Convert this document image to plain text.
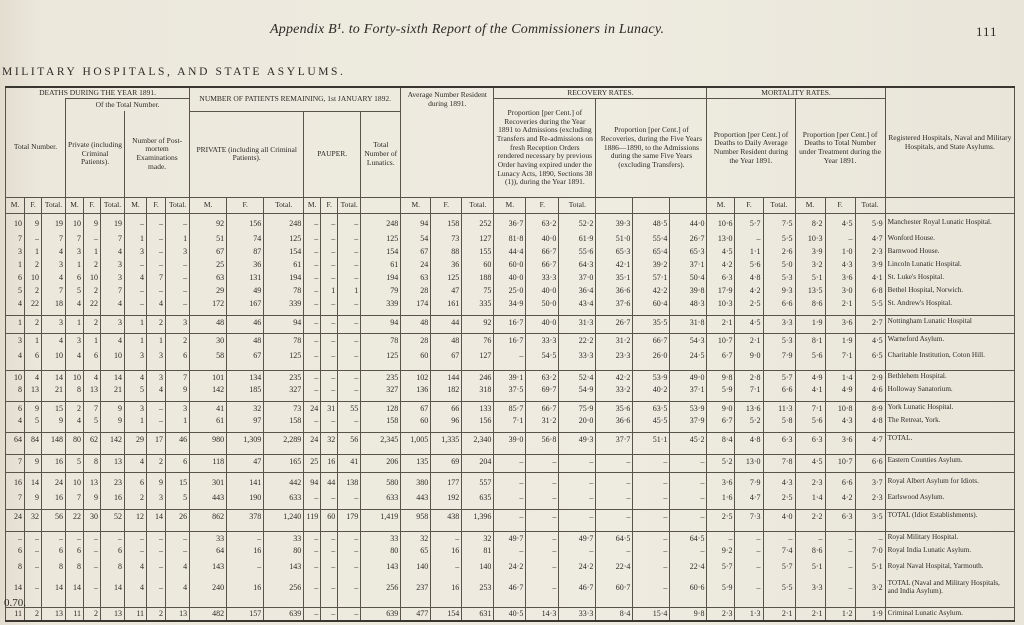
Appendix B¹. to Forty-sixth Report of the Commissioners in Lunacy.	111
MILITARY HOSPITALS, AND STATE ASYLUMS.
DEATHS DURING THE YEAR 1891.									NUMBER OF PATIENTS REMAINING, 1st JANUARY 1892.							Average Number Resident during 1891.			RECOVERY RATES.						MORTALITY RATES.						Registered Hospitals, Naval and Military Hospitals, and State Asylums.
Total Number.			Of the Total Number.																Proportion [per Cent.] of Recoveries during the Year 1891 to Admissions (excluding Transfers and Re-admissions on fresh Reception Orders rendered necessary by previous Order having expired under the Lunacy Acts, 1890, Sections 38 (1)), during the Year 1891.			Proportion [per Cent.] of Recoveries, during the Five Years 1886—1890, to the Admissions during the same Five Years (excluding Transfers).			Proportion [per Cent.] of Deaths to Daily Average Number Resident during the Year 1891.			Proportion [per Cent.] of Deaths to Total Number under Treatment during the Year 1891.			
			Private (including Criminal Patients).			Number of Post-mortem Examinations made.			PRIVATE (including all Criminal Patients).			PAUPER.			Total Number of Lunatics.																

M.	F.	Total.	M.	F.	Total.	M.	F.	Total.	M.	F.	Total.	M.	F.	Total.		M.	F.	Total.	M.	F.	Total.				M.	F.	Total.	M.	F.	Total.	
10	9	19	10	9	19	–	–	–	92	156	248	–	–	–	248	94	158	252	36·7	63·2	52·2	39·3	48·5	44·0	10·6	5·7	7·5	8·2	4·5	5·9	Manchester Royal Lunatic Hospital.
7	–	7	7	–	7	1	–	1	51	74	125	–	–	–	125	54	73	127	81·8	40·0	61·9	51·0	55·4	26·7	13·0	–	5·5	10·3	–	4·7	Wonford House.
3	1	4	3	1	4	3	–	3	67	87	154	–	–	–	154	67	88	155	44·4	66·7	55·6	65·3	65·4	65·3	4·5	1·1	2·6	3·9	1·0	2·3	Barnwood House.
1	2	3	1	2	3	–	–	–	25	36	61	–	–	–	61	24	36	60	60·0	66·7	64·3	42·1	39·2	37·1	4·2	5·6	5·0	3·2	4·3	3·9	Lincoln Lunatic Hospital.
6	10	4	6	10	3	4	7	–	63	131	194	–	–	–	194	63	125	188	40·0	33·3	37·0	35·1	57·1	50·4	6·3	4·8	5·3	5·1	3·6	4·1	St. Luke's Hospital.
5	2	7	5	2	7	–	–	–	29	49	78	–	1	1	79	28	47	75	25·0	40·0	36·4	36·6	42·2	39·8	17·9	4·2	9·3	13·5	3·0	6·8	Bethel Hospital, Norwich.
4	22	18	4	22	4	–	4	–	172	167	339	–	–	–	339	174	161	335	34·9	50·0	43·4	37·6	60·4	48·3	10·3	2·5	6·6	8·6	2·1	5·5	St. Andrew's Hospital.

1	2	3	1	2	3	1	2	3	48	46	94	–	–	–	94	48	44	92	16·7	40·0	31·3	26·7	35·5	31·8	2·1	4·5	3·3	1·9	3·6	2·7	Nottingham Lunatic Hospital

3	1	4	3	1	4	1	1	2	30	48	78	–	–	–	78	28	48	76	16·7	33·3	22·2	31·2	66·7	54·3	10·7	2·1	5·3	8·1	1·9	4·5	Warneford Asylum.
4	6	10	4	6	10	3	3	6	58	67	125	–	–	–	125	60	67	127	–	54·5	33·3	23·3	26·0	24·5	6·7	9·0	7·9	5·6	7·1	6·5	Charitable Institution, Coton Hill.

10	4	14	10	4	14	4	3	7	101	134	235	–	–	–	235	102	144	246	39·1	63·2	52·4	42·2	53·9	49·0	9·8	2·8	5·7	4·9	1·4	2·9	Bethlehem Hospital.
8	13	21	8	13	21	5	4	9	142	185	327	–	–	–	327	136	182	318	37·5	69·7	54·9	33·2	40·2	37·1	5·9	7·1	6·6	4·1	4·9	4·6	Holloway Sanatorium.

6	9	15	2	7	9	3	–	3	41	32	73	24	31	55	128	67	66	133	85·7	66·7	75·9	35·6	63·5	53·9	9·0	13·6	11·3	7·1	10·8	8·9	York Lunatic Hospital.
4	5	9	4	5	9	1	–	1	61	97	158	–	–	–	158	60	96	156	7·1	31·2	20·0	36·6	45·5	37·9	6·7	5·2	5·8	5·6	4·3	4·8	The Retreat, York.

64	84	148	80	62	142	29	17	46	980	1,309	2,289	24	32	56	2,345	1,005	1,335	2,340	39·0	56·8	49·3	37·7	51·1	45·2	8·4	4·8	6·3	6·3	3·6	4·7	TOTAL.

7	9	16	5	8	13	4	2	6	118	47	165	25	16	41	206	135	69	204	–	–	–	–	–	–	5·2	13·0	7·8	4·5	10·7	6·6	Eastern Counties Asylum.

16	14	24	10	13	23	6	9	15	301	141	442	94	44	138	580	380	177	557	–	–	–	–	–	–	3·6	7·9	4·3	2·3	6·6	3·7	Royal Albert Asylum for Idiots.
7	9	16	7	9	16	2	3	5	443	190	633	–	–	–	633	443	192	635	–	–	–	–	–	–	1·6	4·7	2·5	1·4	4·2	2·3	Earlswood Asylum.

24	32	56	22	30	52	12	14	26	862	378	1,240	119	60	179	1,419	958	438	1,396	–	–	–	–	–	–	2·5	7·3	4·0	2·2	6·3	3·5	TOTAL (Idiot Establishments).

–	–	–	–	–	–	–	–	–	33	–	33	–	–	–	33	32	–	32	49·7	–	49·7	64·5	–	64·5	–	–	–	–	–	–	Royal Military Hospital.
6	–	6	6	–	6	–	–	–	64	16	80	–	–	–	80	65	16	81	–	–	–	–	–	–	9·2	–	7·4	8·6	–	7·0	Royal India Lunatic Asylum.
8	–	8	8	–	8	4	–	4	143	–	143	–	–	–	143	140	–	140	24·2	–	24·2	22·4	–	22·4	5·7	–	5·7	5·1	–	5·1	Royal Naval Hospital, Yarmouth.
14	–	14	14	–	14	4	–	4	240	16	256	–	–	–	256	237	16	253	46·7	–	46·7	60·7	–	60·6	5·9	–	5·5	3·3	–	3·2	TOTAL (Naval and Military Hospitals, and India Asylum).

11	2	13	11	2	13	11	2	13	482	157	639	–	–	–	639	477	154	631	40·5	14·3	33·3	8·4	15·4	9·8	2·3	1·3	2·1	2·1	1·2	1·9	Criminal Lunatic Asylum.
0.70.
